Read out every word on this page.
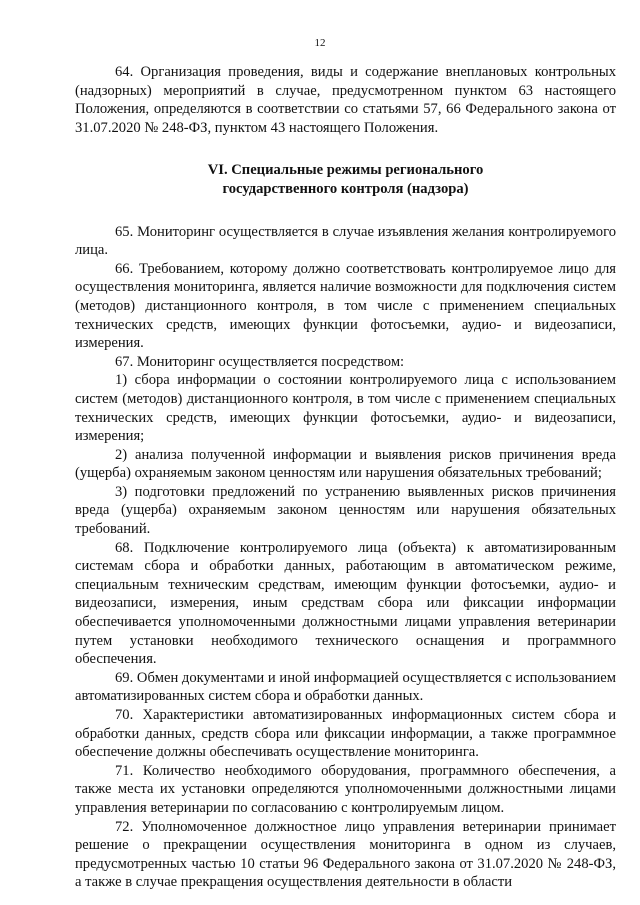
12

64. Организация проведения, виды и содержание внеплановых контрольных (надзорных) мероприятий в случае, предусмотренном пунктом 63 настоящего Положения, определяются в соответствии со статьями 57, 66 Федерального закона от 31.07.2020 № 248-ФЗ, пунктом 43 настоящего Положения.

VI. Специальные режимы регионального
государственного контроля (надзора)

65. Мониторинг осуществляется в случае изъявления желания контролируемого лица.

66. Требованием, которому должно соответствовать контролируемое лицо для осуществления мониторинга, является наличие возможности для подключения систем (методов) дистанционного контроля, в том числе с применением специальных технических средств, имеющих функции фотосъемки, аудио- и видеозаписи, измерения.

67. Мониторинг осуществляется посредством:

1) сбора информации о состоянии контролируемого лица с использованием систем (методов) дистанционного контроля, в том числе с применением специальных технических средств, имеющих функции фотосъемки, аудио- и видеозаписи, измерения;

2) анализа полученной информации и выявления рисков причинения вреда (ущерба) охраняемым законом ценностям или нарушения обязательных требований;

3) подготовки предложений по устранению выявленных рисков причинения вреда (ущерба) охраняемым законом ценностям или нарушения обязательных требований.

68. Подключение контролируемого лица (объекта) к автоматизированным системам сбора и обработки данных, работающим в автоматическом режиме, специальным техническим средствам, имеющим функции фотосъемки, аудио- и видеозаписи, измерения, иным средствам сбора или фиксации информации обеспечивается уполномоченными должностными лицами управления ветеринарии путем установки необходимого технического оснащения и программного обеспечения.

69. Обмен документами и иной информацией осуществляется с использованием автоматизированных систем сбора и обработки данных.

70. Характеристики автоматизированных информационных систем сбора и обработки данных, средств сбора или фиксации информации, а также программное обеспечение должны обеспечивать осуществление мониторинга.

71. Количество необходимого оборудования, программного обеспечения, а также места их установки определяются уполномоченными должностными лицами управления ветеринарии по согласованию с контролируемым лицом.

72. Уполномоченное должностное лицо управления ветеринарии принимает решение о прекращении осуществления мониторинга в одном из случаев, предусмотренных частью 10 статьи 96 Федерального закона от 31.07.2020 № 248-ФЗ, а также в случае прекращения осуществления деятельности в области
